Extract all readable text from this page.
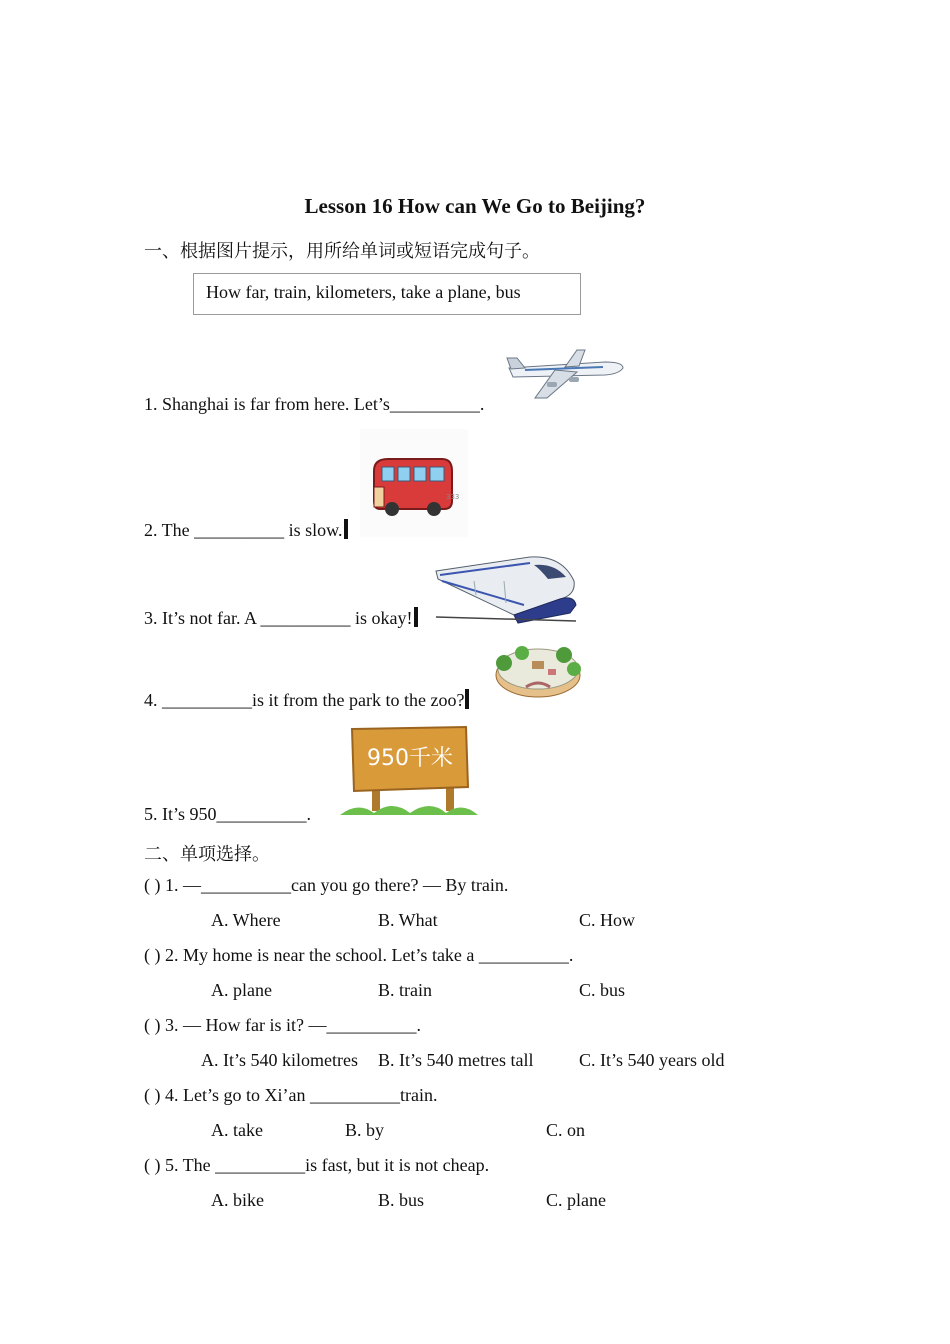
Lesson 16 How can We Go to Beijing?
一、根据图片提示，用所给单词或短语完成句子。
How far, train, kilometers, take a plane, bus
1. Shanghai is far from here. Let’s__________.
2. The __________ is slow.
3. It’s not far. A __________ is okay!
4. __________is it from the park to the zoo?
5. It’s 950__________.
333
950千米
二、单项选择。
( ) 1. —__________can you go there? — By train.
A. Where	B. What	C. How
( ) 2. My home is near the school. Let’s take a __________.
A. plane	B. train	C. bus
( ) 3. — How far is it? —__________.
A. It’s 540 kilometres B. It’s 540 metres tall	C. It’s 540 years old
( ) 4. Let’s go to Xi’an __________train.
A. take	B. by	C. on
( ) 5. The __________is fast, but it is not cheap.
A. bike	B. bus	C. plane
